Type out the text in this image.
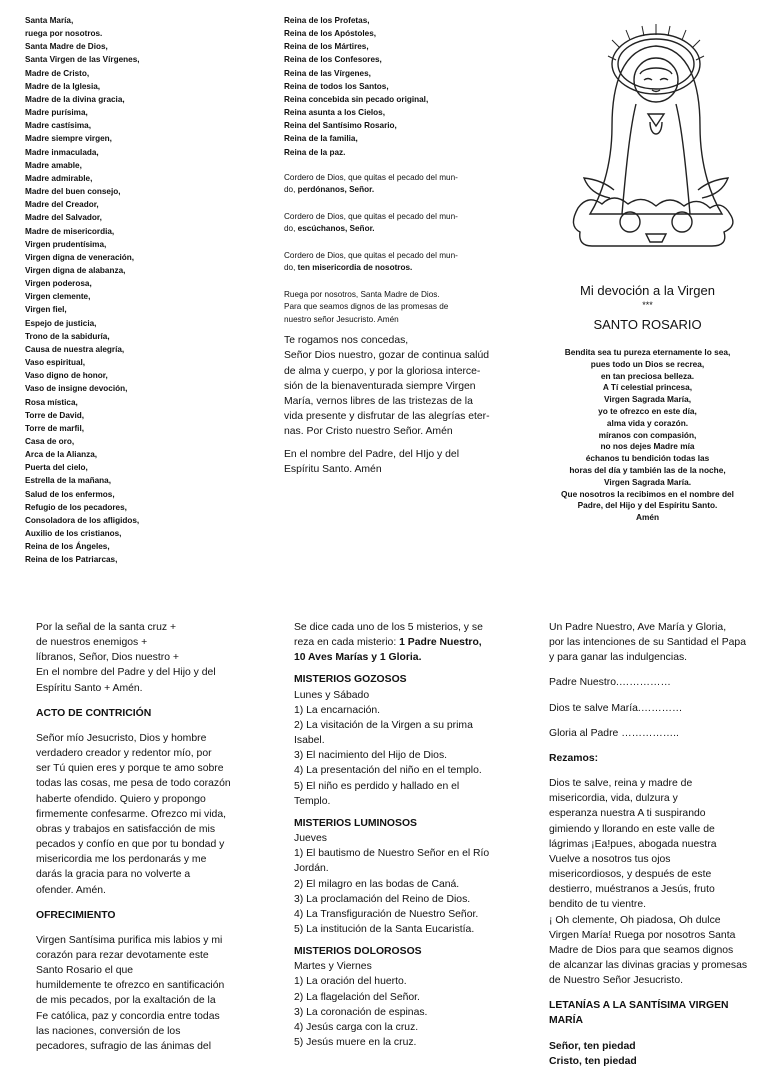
Santa María,
ruega por nosotros.
Santa Madre de Dios,
Santa Virgen de las Vírgenes,
Madre de Cristo,
Madre de la Iglesia,
Madre de la divina gracia,
Madre purísima,
Madre castísima,
Madre siempre virgen,
Madre inmaculada,
Madre amable,
Madre admirable,
Madre del buen consejo,
Madre del Creador,
Madre del Salvador,
Madre de misericordia,
Virgen prudentísima,
Virgen digna de veneración,
Virgen digna de alabanza,
Virgen poderosa,
Virgen clemente,
Virgen fiel,
Espejo de justicia,
Trono de la sabiduría,
Causa de nuestra alegría,
Vaso espiritual,
Vaso digno de honor,
Vaso de insigne devoción,
Rosa mística,
Torre de David,
Torre de marfil,
Casa de oro,
Arca de la Alianza,
Puerta del cielo,
Estrella de la mañana,
Salud de los enfermos,
Refugio de los pecadores,
Consoladora de los afligidos,
Auxilio de los cristianos,
Reina de los Ángeles,
Reina de los Patriarcas,
Reina de los Profetas,
Reina de los Apóstoles,
Reina de los Mártires,
Reina de los Confesores,
Reina de las Vírgenes,
Reina de todos los Santos,
Reina concebida sin pecado original,
Reina asunta a los Cielos,
Reina del Santísimo Rosario,
Reina de la familia,
Reina de la paz.
Cordero de Dios, que quitas el pecado del mun-
do, perdónanos, Señor.
Cordero de Dios, que quitas el pecado del mun-
do, escúchanos, Señor.
Cordero de Dios, que quitas el pecado del mun-
do, ten misericordia de nosotros.
Ruega por nosotros, Santa Madre de Dios.
Para que seamos dignos de las promesas de
nuestro señor Jesucristo. Amén
Te rogamos nos concedas,
Señor Dios nuestro, gozar de continua salúd
de alma y cuerpo, y por la gloriosa interce-
sión de la bienaventurada siempre Virgen
María, vernos libres de las tristezas de la
vida presente y disfrutar de las alegrías eter-
nas. Por Cristo nuestro Señor. Amén
En el nombre del Padre, del HIjo y del
Espíritu Santo. Amén
Mi devoción a la Virgen
***
SANTO ROSARIO
Bendita sea tu pureza eternamente lo sea,
pues todo un Dios se recrea,
en tan preciosa belleza.
A Tí celestial princesa,
Virgen Sagrada María,
yo te ofrezco en este día,
alma vida y corazón.
míranos con compasión,
no nos dejes Madre mía
échanos tu bendición todas las
horas del día y también las de la noche,
Virgen Sagrada María.
Que nosotros la recibimos en el nombre del
Padre, del Hijo y del Espíritu Santo.
Amén
Por la señal de la santa cruz +
de nuestros enemigos +
líbranos, Señor, Dios nuestro +
En el nombre del Padre y del Hijo y del
Espíritu Santo + Amén.

ACTO DE CONTRICIÓN

Señor mío Jesucristo, Dios y hombre
verdadero creador y redentor mío, por
ser Tú quien eres y porque te amo sobre
todas las cosas, me pesa de todo corazón
haberte ofendido. Quiero y propongo
firmemente confesarme. Ofrezco mi vida,
obras y trabajos en satisfacción de mis
pecados y confío en que por tu bondad y
misericordia me los perdonarás y me
darás la gracia para no volverte a
ofender. Amén.

OFRECIMIENTO

Virgen Santísima purifica mis labios y mi
corazón para rezar devotamente este
Santo Rosario el que
humildemente te ofrezco en santificación
de mis pecados, por la exaltación de la
Fe católica, paz y concordia entre todas
las naciones, conversión de los
pecadores, sufragio de las ánimas del
Se dice cada uno de los 5 misterios, y se
reza en cada misterio: 1 Padre Nuestro,
10 Aves Marías y 1 Gloria.
MISTERIOS GOZOSOS
Lunes y Sábado
1) La encarnación.
2) La visitación de la Virgen a su prima
Isabel.
3) El nacimiento del Hijo de Dios.
4) La presentación del niño en el templo.
5) El niño es perdido y hallado en el
Templo.
MISTERIOS LUMINOSOS
Jueves
1) El bautismo de Nuestro Señor en el Río
Jordán.
2) El milagro en las bodas de Caná.
3) La proclamación del Reino de Dios.
4) La Transfiguración de Nuestro Señor.
5) La institución de la Santa Eucaristía.
MISTERIOS DOLOROSOS
Martes y Viernes
1) La oración del huerto.
2) La flagelación del Señor.
3) La coronación de espinas.
4) Jesús carga con la cruz.
5) Jesús muere en la cruz.
Un Padre Nuestro, Ave María y Gloria,
por las intenciones de su Santidad el Papa
y para ganar las indulgencias.

Padre Nuestro.……………

Dios te salve María.…………

Gloria al Padre ……………..

Rezamos:

Dios te salve, reina y madre de
misericordia, vida, dulzura y
esperanza nuestra A ti suspirando
gimiendo y llorando en este valle de
lágrimas ¡Ea!pues, abogada nuestra
Vuelve a nosotros tus ojos
misericordiosos, y después de este
destierro, muéstranos a Jesús, fruto
bendito de tu vientre.
¡ Oh clemente, Oh piadosa, Oh dulce
Virgen María! Ruega por nosotros Santa
Madre de Dios para que seamos dignos
de alcanzar las divinas gracias y promesas
de Nuestro Señor Jesucristo.

LETANÍAS A LA SANTÍSIMA VIRGEN

MARÍA

Señor, ten piedad

Cristo, ten piedad
